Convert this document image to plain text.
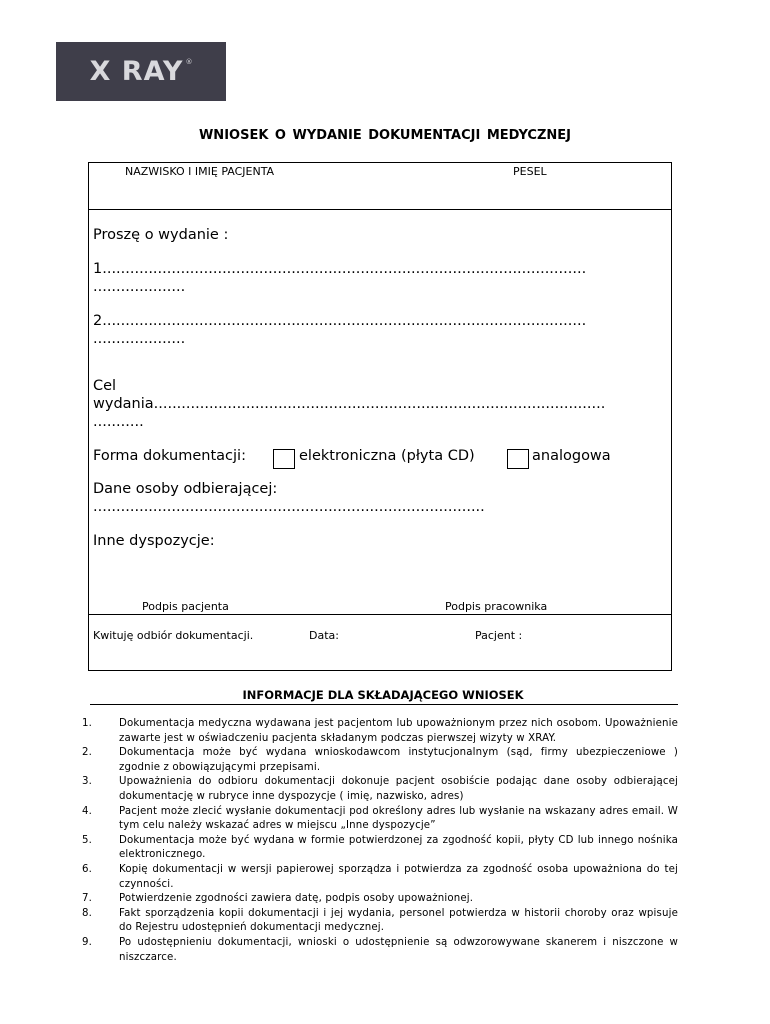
X RAY ®
WNIOSEK O WYDANIE DOKUMENTACJI MEDYCZNEJ
NAZWISKO I IMIĘ PACJENTA	PESEL
Proszę o wydanie :
1.........................................................................................................
....................
2.........................................................................................................
....................
Cel
wydania..................................................................................................
...........
Forma dokumentacji:	elektroniczna (płyta CD)	analogowa
Dane osoby odbierającej:
.....................................................................................
Inne dyspozycje:
Podpis pacjenta	Podpis pracownika
Kwituję odbiór dokumentacji.	Data:	Pacjent :
INFORMACJE DLA SKŁADAJĄCEGO WNIOSEK
1.	Dokumentacja medyczna wydawana jest pacjentom lub upoważnionym przez nich osobom. Upoważnienie zawarte jest w oświadczeniu pacjenta składanym podczas pierwszej wizyty w XRAY.
2.	Dokumentacja może być wydana wnioskodawcom instytucjonalnym (sąd, firmy ubezpieczeniowe ) zgodnie z obowiązującymi przepisami.
3.	Upoważnienia do odbioru dokumentacji dokonuje pacjent osobiście podając dane osoby odbierającej dokumentację w rubryce inne dyspozycje ( imię, nazwisko, adres)
4.	Pacjent może zlecić wysłanie dokumentacji pod określony adres lub wysłanie na wskazany adres email. W tym celu należy wskazać adres w miejscu „Inne dyspozycje”
5.	Dokumentacja może być wydana w formie potwierdzonej za zgodność kopii, płyty CD lub innego nośnika elektronicznego.
6.	Kopię dokumentacji w wersji papierowej sporządza i potwierdza za zgodność osoba upoważniona do tej czynności.
7.	Potwierdzenie zgodności zawiera datę, podpis osoby upoważnionej.
8.	Fakt sporządzenia kopii dokumentacji i jej wydania, personel potwierdza w historii choroby oraz wpisuje do Rejestru udostępnień dokumentacji medycznej.
9.	Po udostępnieniu dokumentacji, wnioski o udostępnienie są odwzorowywane skanerem i niszczone w niszczarce.
